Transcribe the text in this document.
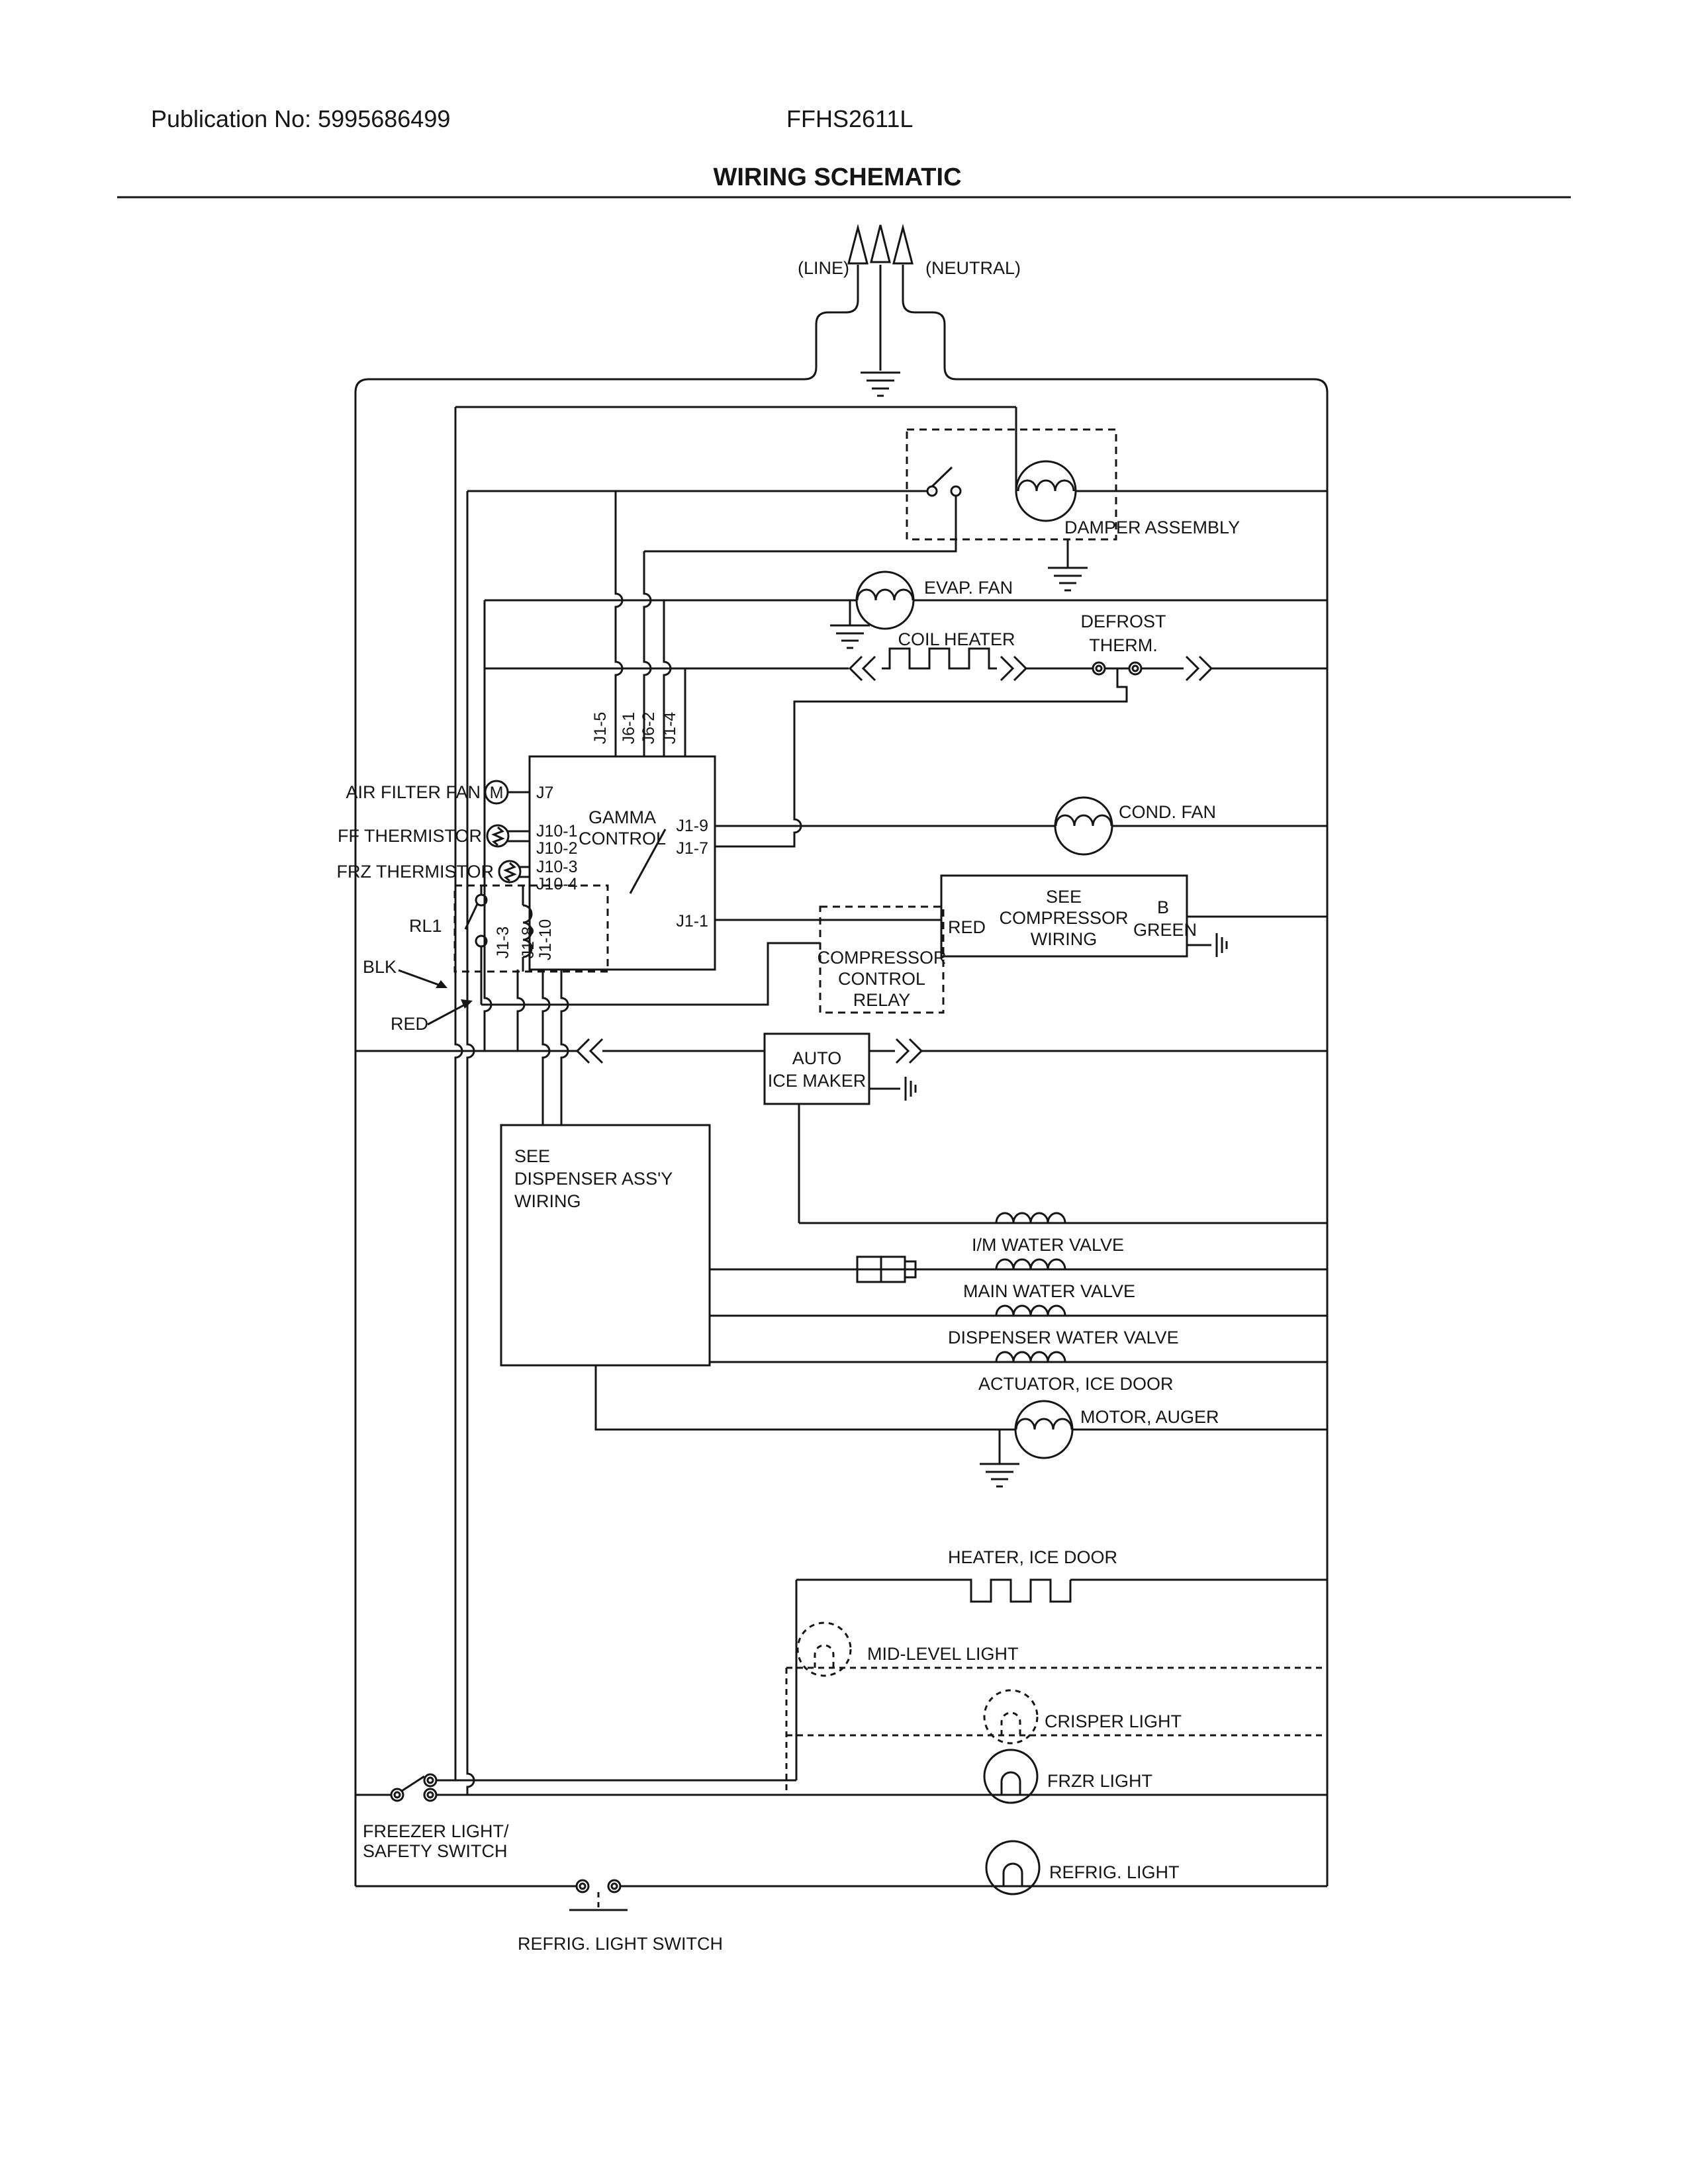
Publication No: 5995686499	FFHS2611L
WIRING SCHEMATIC
(LINE)	(NEUTRAL)
DAMPER ASSEMBLY
EVAP. FAN
COIL HEATER
DEFROST
THERM.
COND. FAN
GAMMA
CONTROL
J1-5 J6-1 J6-2 J1-4
M
AIR FILTER FAN
FF THERMISTOR
FRZ THERMISTOR
J7
J10-1
J10-2
J10-3
J10-4
J1-9
J1-7
J1-1
J1-3 J1-8
J1-10
RL1
BLK
RED
COMPRESSOR
CONTROL
RELAY
SEE
COMPRESSOR
WIRING
RED
B
GREEN
AUTO
ICE MAKER
SEE
DISPENSER ASS'Y
WIRING
I/M WATER VALVE
MAIN WATER VALVE
DISPENSER WATER VALVE
ACTUATOR, ICE DOOR
MOTOR, AUGER
HEATER, ICE DOOR
MID-LEVEL LIGHT
CRISPER LIGHT
FRZR LIGHT
REFRIG. LIGHT
FREEZER LIGHT/
SAFETY SWITCH
REFRIG. LIGHT SWITCH
